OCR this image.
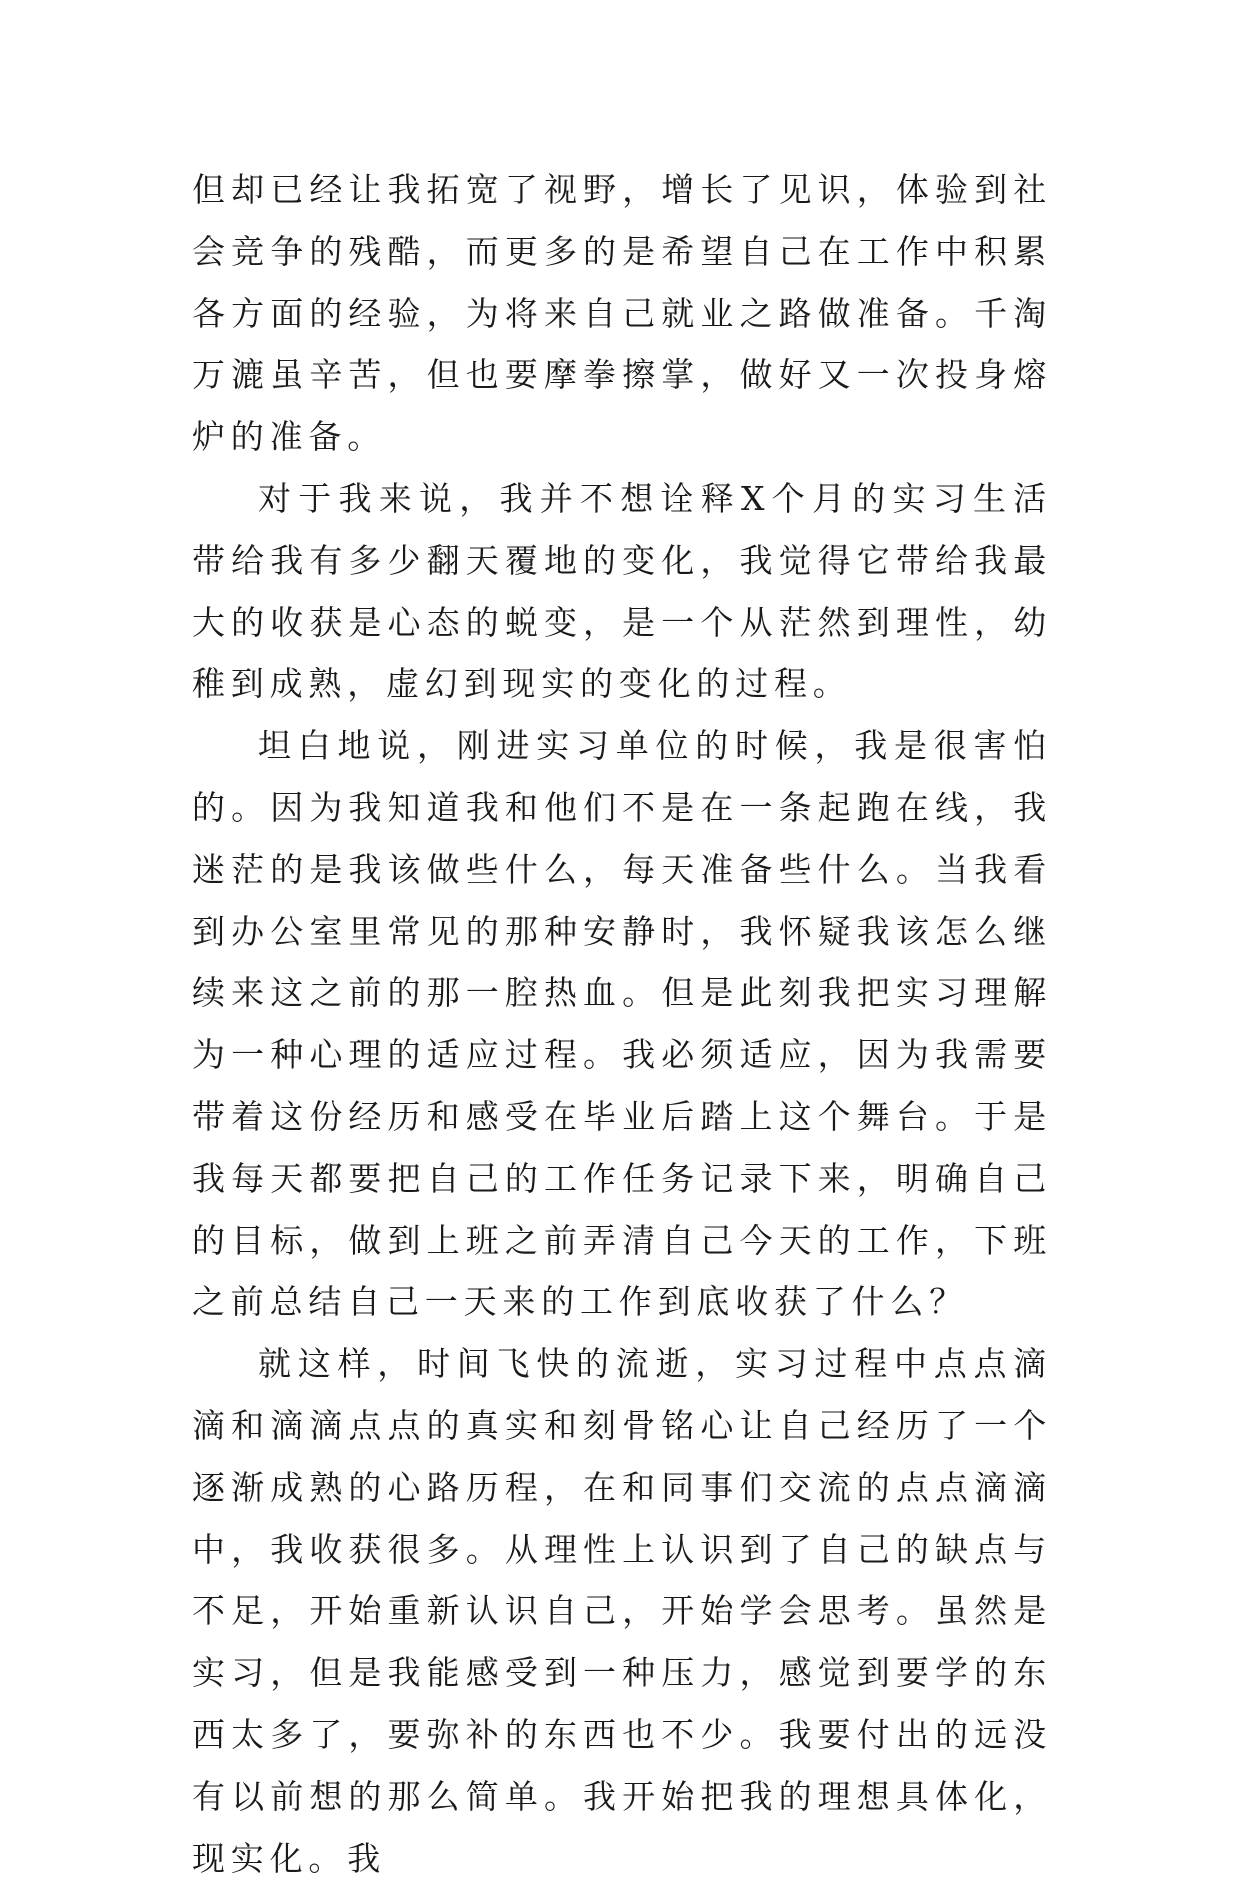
但却已经让我拓宽了视野，增长了见识，体验到社会竞争的残酷，而更多的是希望自己在工作中积累各方面的经验，为将来自己就业之路做准备。千淘万漉虽辛苦，但也要摩拳擦掌，做好又一次投身熔炉的准备。

对于我来说，我并不想诠释X个月的实习生活带给我有多少翻天覆地的变化，我觉得它带给我最大的收获是心态的蜕变，是一个从茫然到理性，幼稚到成熟，虚幻到现实的变化的过程。

坦白地说，刚进实习单位的时候，我是很害怕的。因为我知道我和他们不是在一条起跑在线，我迷茫的是我该做些什么，每天准备些什么。当我看到办公室里常见的那种安静时，我怀疑我该怎么继续来这之前的那一腔热血。但是此刻我把实习理解为一种心理的适应过程。我必须适应，因为我需要带着这份经历和感受在毕业后踏上这个舞台。于是我每天都要把自己的工作任务记录下来，明确自己的目标，做到上班之前弄清自己今天的工作，下班之前总结自己一天来的工作到底收获了什么？

就这样，时间飞快的流逝，实习过程中点点滴滴和滴滴点点的真实和刻骨铭心让自己经历了一个逐渐成熟的心路历程，在和同事们交流的点点滴滴中，我收获很多。从理性上认识到了自己的缺点与不足，开始重新认识自己，开始学会思考。虽然是实习，但是我能感受到一种压力，感觉到要学的东西太多了，要弥补的东西也不少。我要付出的远没有以前想的那么简单。我开始把我的理想具体化，现实化。我
